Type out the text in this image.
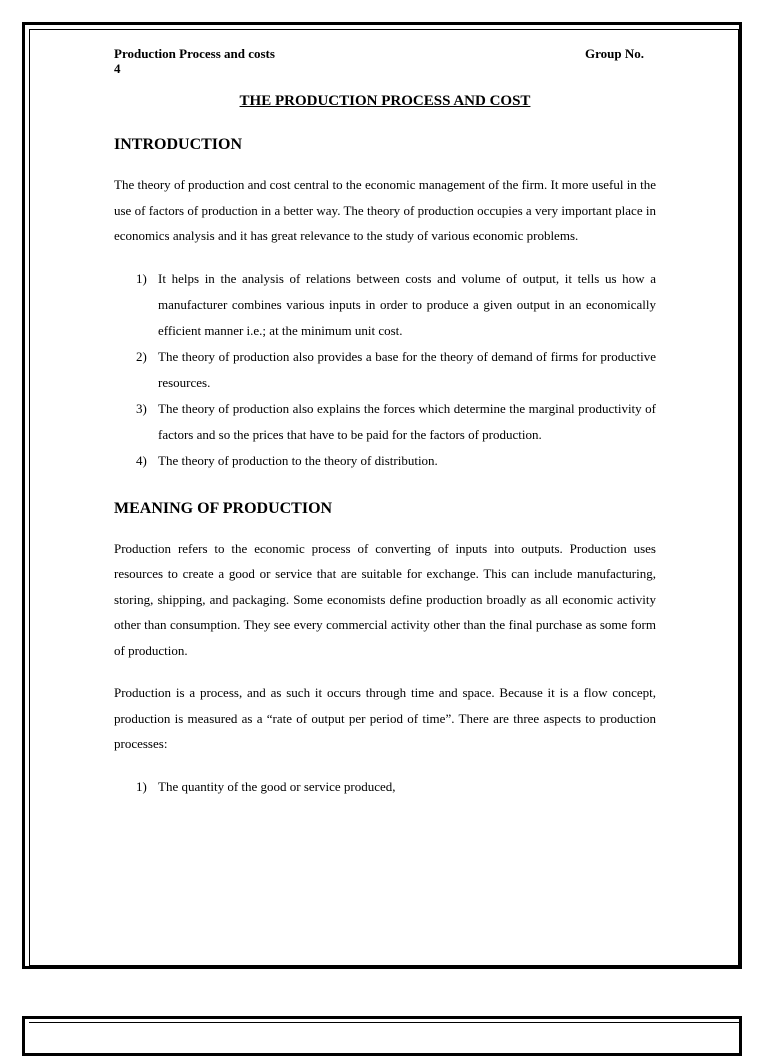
Production Process and costs	Group No.
4
THE PRODUCTION PROCESS AND COST
INTRODUCTION

The theory of production and cost central to the economic management of the firm. It more useful in the use of factors of production in a better way. The theory of production occupies a very important place in economics analysis and it has great relevance to the study of various economic problems.

1) It helps in the analysis of relations between costs and volume of output, it tells us how a manufacturer combines various inputs in order to produce a given output in an economically efficient manner i.e.; at the minimum unit cost.
2) The theory of production also provides a base for the theory of demand of firms for productive resources.
3) The theory of production also explains the forces which determine the marginal productivity of factors and so the prices that have to be paid for the factors of production.
4) The theory of production to the theory of distribution.
MEANING OF PRODUCTION

Production refers to the economic process of converting of inputs into outputs. Production uses resources to create a good or service that are suitable for exchange. This can include manufacturing, storing, shipping, and packaging. Some economists define production broadly as all economic activity other than consumption. They see every commercial activity other than the final purchase as some form of production.

Production is a process, and as such it occurs through time and space. Because it is a flow concept, production is measured as a “rate of output per period of time”. There are three aspects to production processes:

1) The quantity of the good or service produced,
